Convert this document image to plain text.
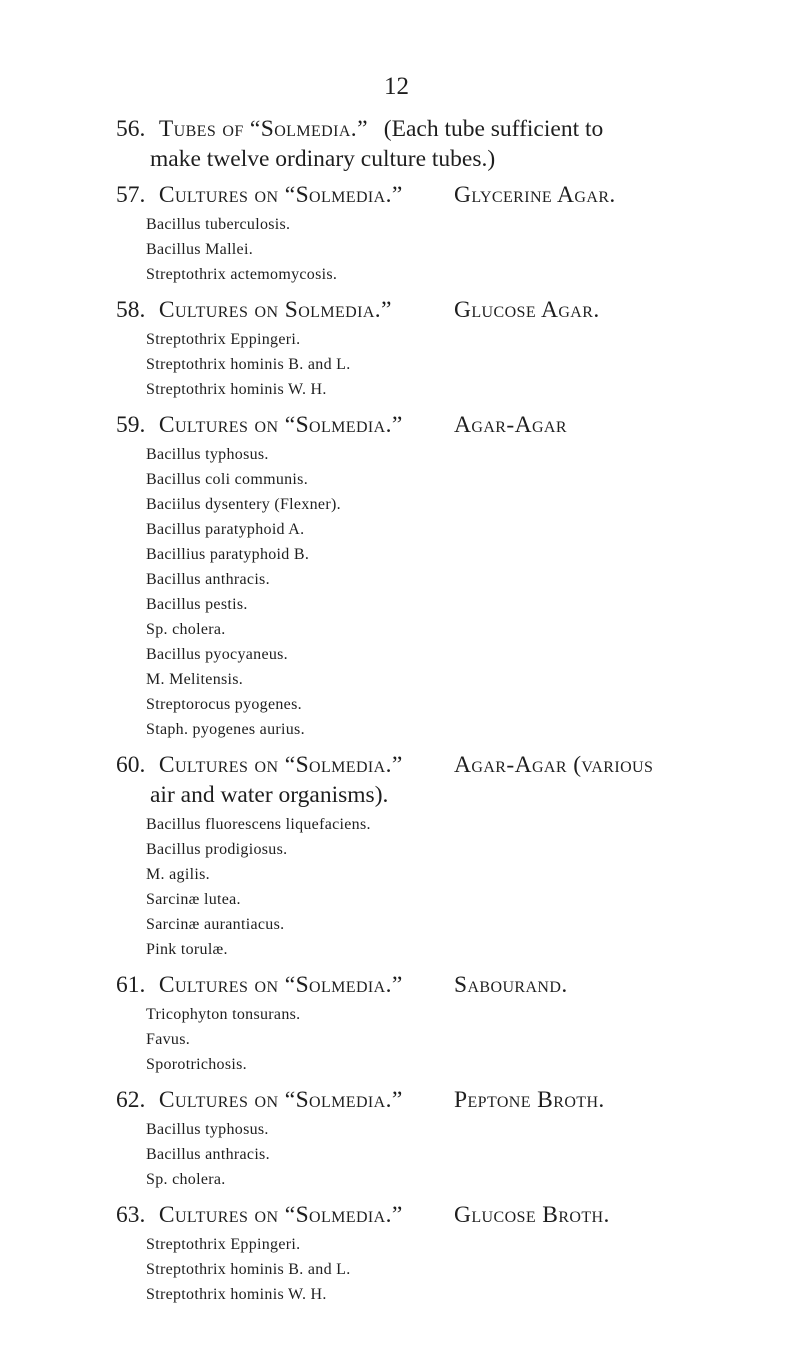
12
56. Tubes of “Solmedia.” (Each tube sufficient to
make twelve ordinary culture tubes.)
57. Cultures on “Solmedia.” Glycerine Agar.
Bacillus tuberculosis.
Bacillus Mallei.
Streptothrix actemomycosis.
58. Cultures on Solmedia.”	Glucose Agar.
Streptothrix Eppingeri.
Streptothrix hominis B. and L.
Streptothrix hominis W. H.
59. Cultures on “Solmedia.” Agar-Agar
Bacillus typhosus.
Bacillus coli communis.
Baciilus dysentery (Flexner).
Bacillus paratyphoid A.
Bacillius paratyphoid B.
Bacillus anthracis.
Bacillus pestis.
Sp. cholera.
Bacillus pyocyaneus.
M. Melitensis.
Streptorocus pyogenes.
Staph. pyogenes aurius.
60. Cultures on “Solmedia.” Agar-Agar (various
air and water organisms).
Bacillus fluorescens liquefaciens.
Bacillus prodigiosus.
M. agilis.
Sarcinæ lutea.
Sarcinæ aurantiacus.
Pink torulæ.
61. Cultures on “Solmedia.” Sabourand.
Tricophyton tonsurans.
Favus.
Sporotrichosis.
62. Cultures on “Solmedia.” Peptone Broth.
Bacillus typhosus.
Bacillus anthracis.
Sp. cholera.
63. Cultures on “Solmedia.” Glucose Broth.
Streptothrix Eppingeri.
Streptothrix hominis B. and L.
Streptothrix hominis W. H.
